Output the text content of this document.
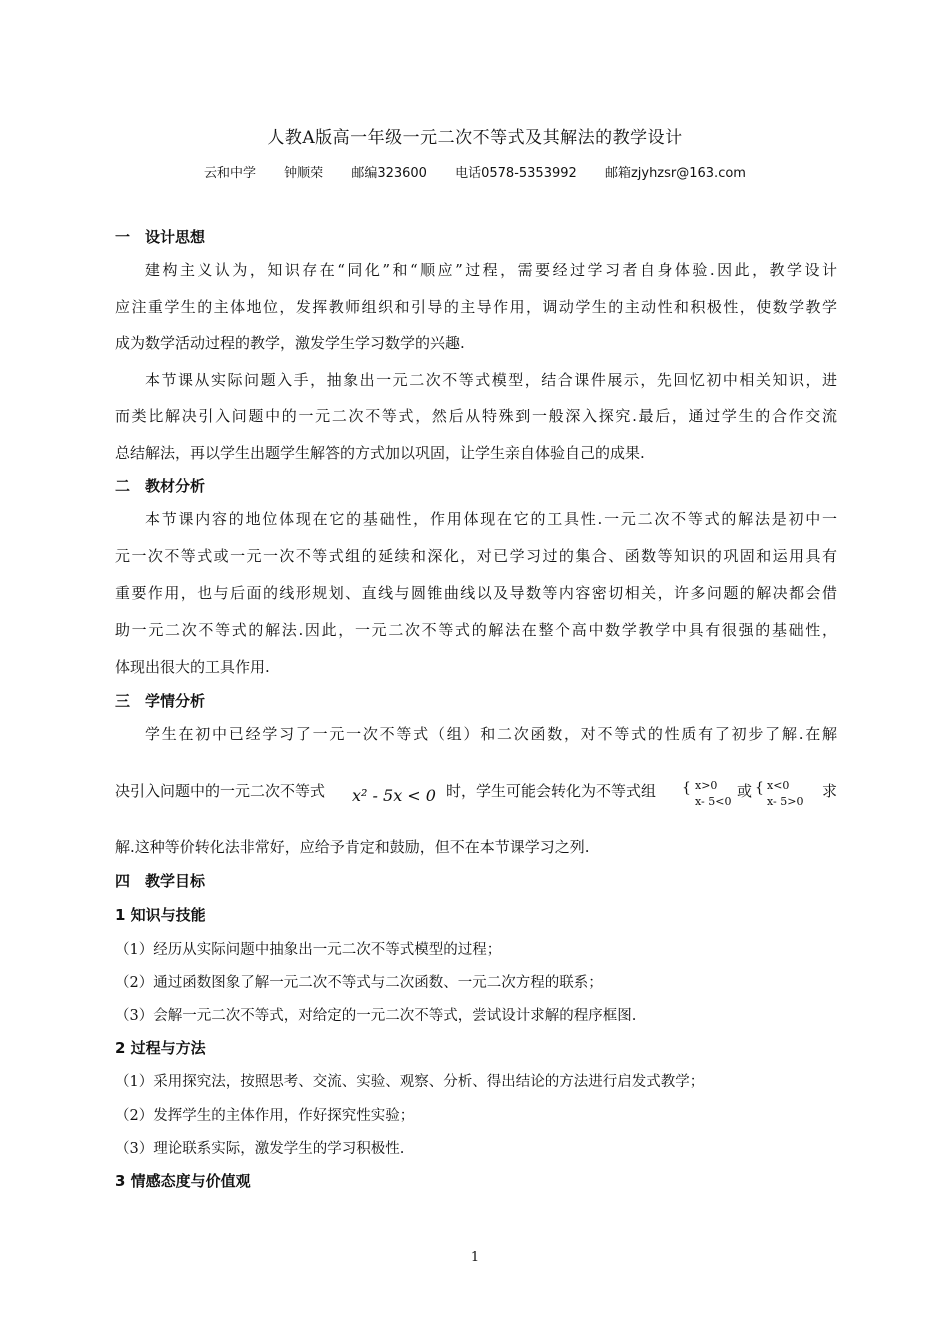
人教A版高一年级一元二次不等式及其解法的教学设计
云和中学 钟顺荣 邮编323600 电话0578-5353992 邮箱zjyhzsr@163.com
一 设计思想
建构主义认为，知识存在“同化”和“顺应”过程，需要经过学习者自身体验.因此，教学设计
应注重学生的主体地位，发挥教师组织和引导的主导作用，调动学生的主动性和积极性，使数学教学
成为数学活动过程的教学，激发学生学习数学的兴趣.
本节课从实际问题入手，抽象出一元二次不等式模型，结合课件展示，先回忆初中相关知识，进
而类比解决引入问题中的一元二次不等式，然后从特殊到一般深入探究.最后，通过学生的合作交流
总结解法，再以学生出题学生解答的方式加以巩固，让学生亲自体验自己的成果.
二 教材分析
本节课内容的地位体现在它的基础性，作用体现在它的工具性.一元二次不等式的解法是初中一
元一次不等式或一元一次不等式组的延续和深化，对已学习过的集合、函数等知识的巩固和运用具有
重要作用，也与后面的线形规划、直线与圆锥曲线以及导数等内容密切相关，许多问题的解决都会借
助一元二次不等式的解法.因此，一元二次不等式的解法在整个高中数学教学中具有很强的基础性，
体现出很大的工具作用.
三 学情分析
学生在初中已经学习了一元一次不等式（组）和二次函数，对不等式的性质有了初步了解.在解
决引入问题中的一元二次不等式	x² - 5x < 0 时，学生可能会转化为不等式组 { x>0
x- 5<0
或 { x<0
x- 5>0
求
解.这种等价转化法非常好，应给予肯定和鼓励，但不在本节课学习之列.
四 教学目标
1 知识与技能
（1）经历从实际问题中抽象出一元二次不等式模型的过程；
（2）通过函数图象了解一元二次不等式与二次函数、一元二次方程的联系；
（3）会解一元二次不等式，对给定的一元二次不等式，尝试设计求解的程序框图.
2 过程与方法
（1）采用探究法，按照思考、交流、实验、观察、分析、得出结论的方法进行启发式教学；
（2）发挥学生的主体作用，作好探究性实验；
（3）理论联系实际，激发学生的学习积极性.
3 情感态度与价值观
1
